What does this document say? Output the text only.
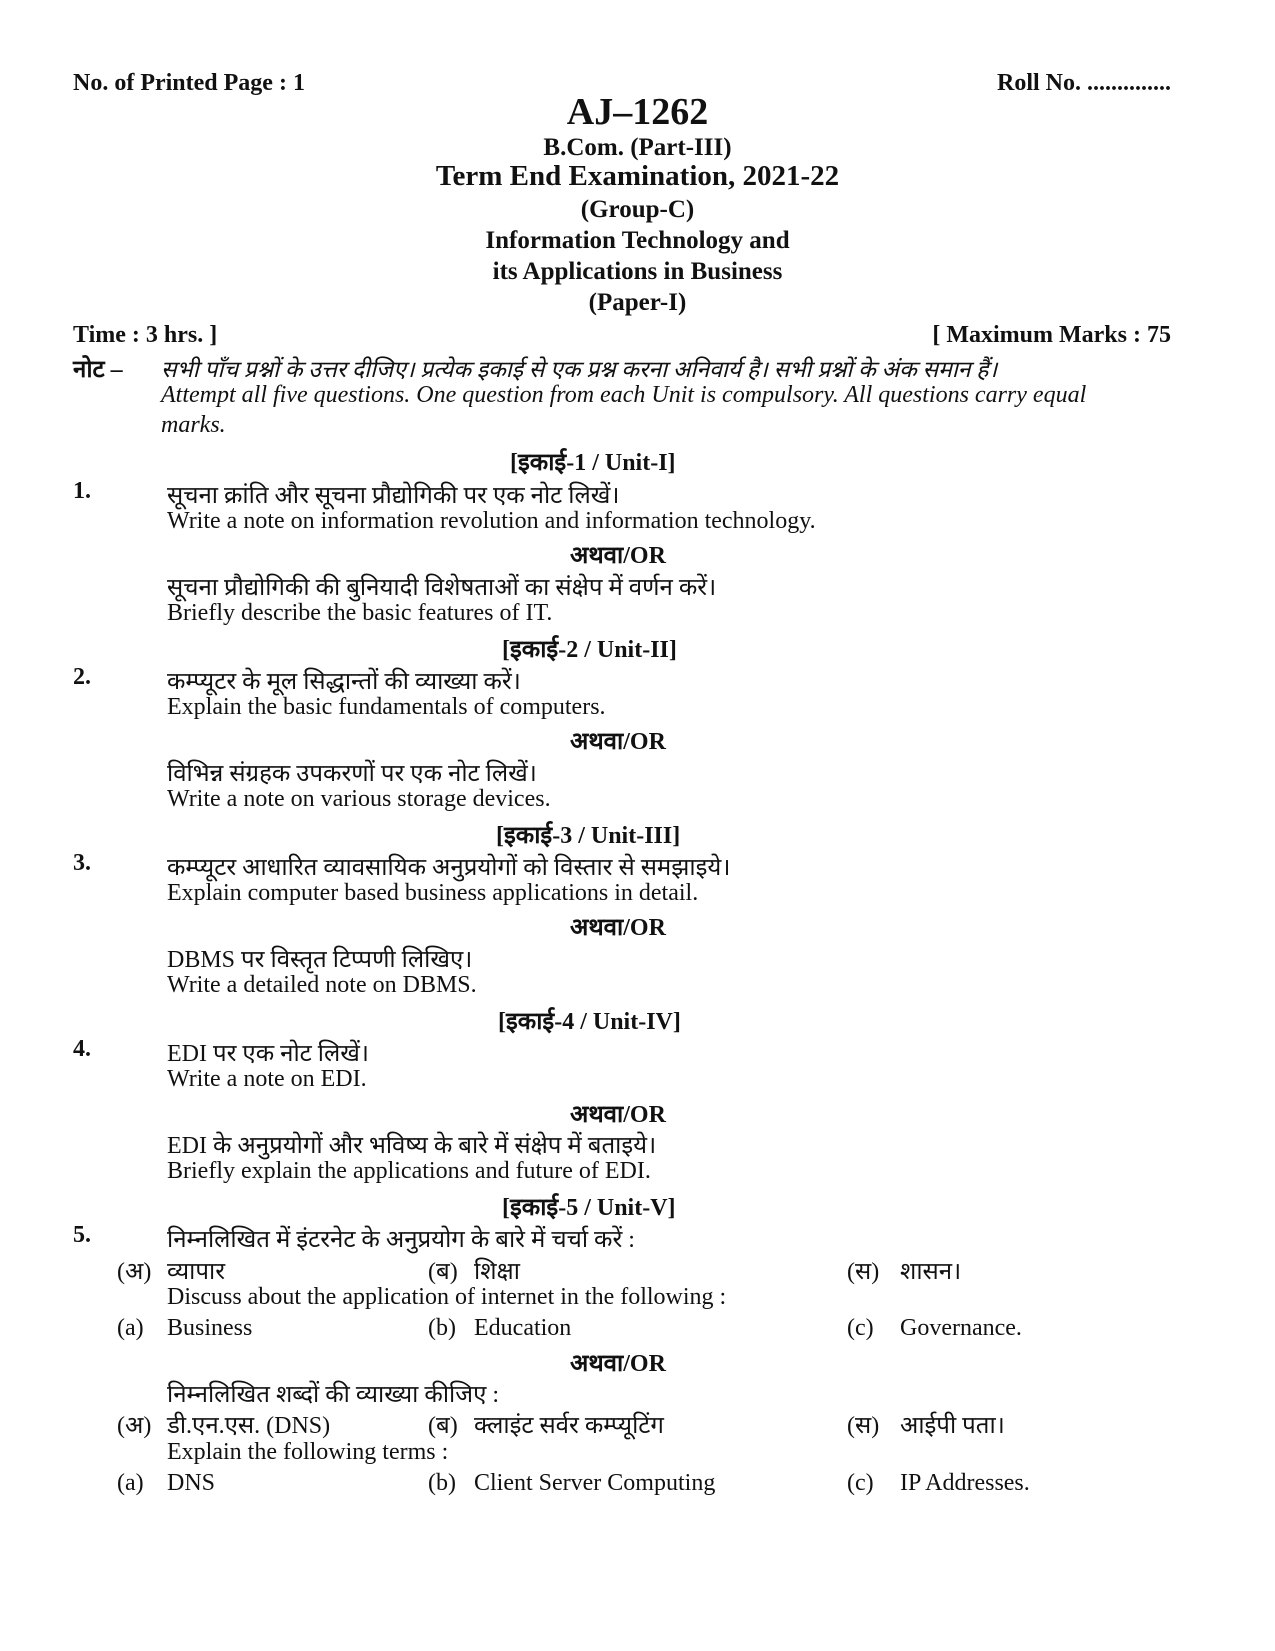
No. of Printed Page : 1	Roll No. ..............
AJ–1262
B.Com. (Part-III)
Term End Examination, 2021-22
(Group-C)
Information Technology and
its Applications in Business
(Paper-I)
Time : 3 hrs. ]	[ Maximum Marks : 75
नोट – सभी पाँच प्रश्नों के उत्तर दीजिए। प्रत्येक इकाई से एक प्रश्न करना अनिवार्य है। सभी प्रश्नों के अंक समान हैं।
Attempt all five questions. One question from each Unit is compulsory. All questions carry equal
marks.
[इकाई-1 / Unit-I]
1.	सूचना क्रांति और सूचना प्रौद्योगिकी पर एक नोट लिखें।
Write a note on information revolution and information technology.
अथवा/OR
सूचना प्रौद्योगिकी की बुनियादी विशेषताओं का संक्षेप में वर्णन करें।
Briefly describe the basic features of IT.
[इकाई-2 / Unit-II]
2.	कम्प्यूटर के मूल सिद्धान्तों की व्याख्या करें।
Explain the basic fundamentals of computers.
अथवा/OR
विभिन्न संग्रहक उपकरणों पर एक नोट लिखें।
Write a note on various storage devices.
[इकाई-3 / Unit-III]
3.	कम्प्यूटर आधारित व्यावसायिक अनुप्रयोगों को विस्तार से समझाइये।
Explain computer based business applications in detail.
अथवा/OR
DBMS पर विस्तृत टिप्पणी लिखिए।
Write a detailed note on DBMS.
[इकाई-4 / Unit-IV]
4.	EDI पर एक नोट लिखें।
Write a note on EDI.
अथवा/OR
EDI के अनुप्रयोगों और भविष्य के बारे में संक्षेप में बताइये।
Briefly explain the applications and future of EDI.
[इकाई-5 / Unit-V]
5.	निम्नलिखित में इंटरनेट के अनुप्रयोग के बारे में चर्चा करें :
(अ) व्यापार	(ब) शिक्षा	(स) शासन।
Discuss about the application of internet in the following :
(a) Business	(b) Education	(c) Governance.
अथवा/OR
निम्नलिखित शब्दों की व्याख्या कीजिए :
(अ) डी.एन.एस. (DNS)	(ब) क्लाइंट सर्वर कम्प्यूटिंग	(स) आईपी पता।
Explain the following terms :
(a) DNS	(b) Client Server Computing	(c) IP Addresses.
